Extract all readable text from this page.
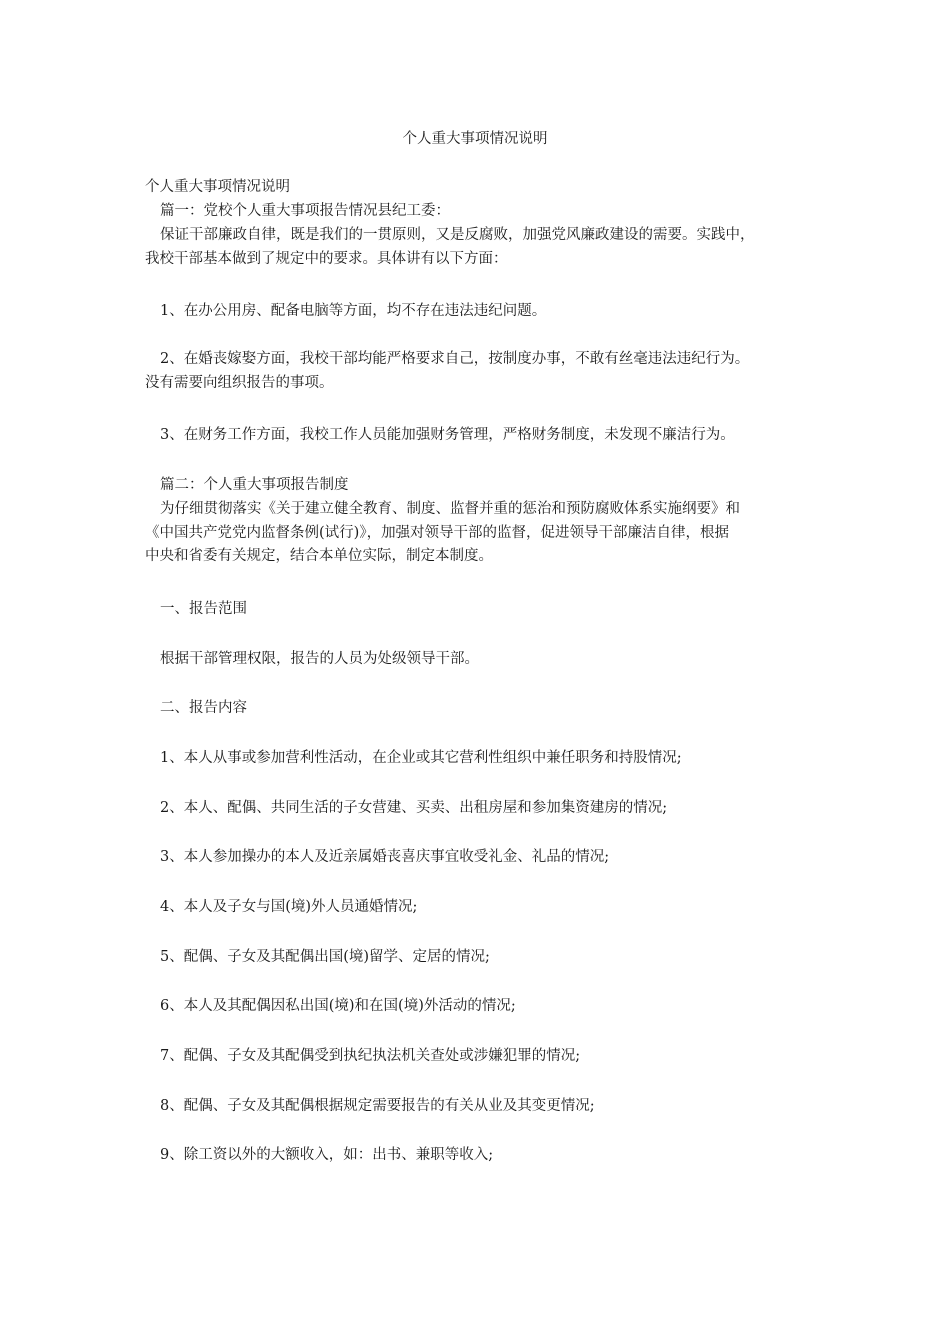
个人重大事项情况说明

个人重大事项情况说明

篇一：党校个人重大事项报告情况县纪工委：

保证干部廉政自律，既是我们的一贯原则，又是反腐败，加强党风廉政建设的需要。实践中，
我校干部基本做到了规定中的要求。具体讲有以下方面：

1、在办公用房、配备电脑等方面，均不存在违法违纪问题。

2、在婚丧嫁娶方面，我校干部均能严格要求自己，按制度办事，不敢有丝毫违法违纪行为。
没有需要向组织报告的事项。

3、在财务工作方面，我校工作人员能加强财务管理，严格财务制度，未发现不廉洁行为。

篇二：个人重大事项报告制度

为仔细贯彻落实《关于建立健全教育、制度、监督并重的惩治和预防腐败体系实施纲要》和
《中国共产党党内监督条例(试行)》，加强对领导干部的监督，促进领导干部廉洁自律，根据
中央和省委有关规定，结合本单位实际，制定本制度。

一、报告范围

根据干部管理权限，报告的人员为处级领导干部。

二、报告内容

1、本人从事或参加营利性活动，在企业或其它营利性组织中兼任职务和持股情况;

2、本人、配偶、共同生活的子女营建、买卖、出租房屋和参加集资建房的情况;

3、本人参加操办的本人及近亲属婚丧喜庆事宜收受礼金、礼品的情况;

4、本人及子女与国(境)外人员通婚情况;

5、配偶、子女及其配偶出国(境)留学、定居的情况;

6、本人及其配偶因私出国(境)和在国(境)外活动的情况;

7、配偶、子女及其配偶受到执纪执法机关查处或涉嫌犯罪的情况;

8、配偶、子女及其配偶根据规定需要报告的有关从业及其变更情况;

9、除工资以外的大额收入，如：出书、兼职等收入;
